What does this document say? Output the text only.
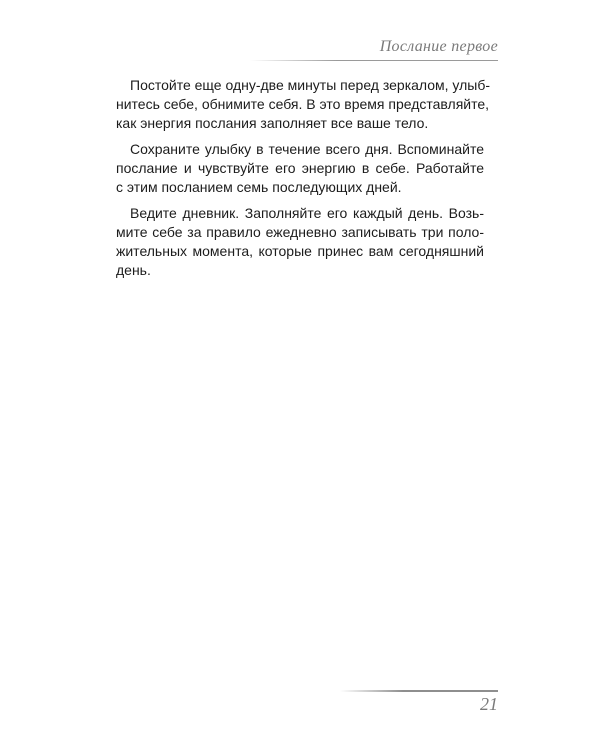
Послание первое
Постойте еще одну-две минуты перед зеркалом, улыб-
нитесь себе, обнимите себя. В это время представляйте,
как энергия послания заполняет все ваше тело.
Сохраните улыбку в течение всего дня. Вспоминайте
послание и чувствуйте его энергию в себе. Работайте
с этим посланием семь последующих дней.
Ведите дневник. Заполняйте его каждый день. Возь-
мите себе за правило ежедневно записывать три поло-
жительных момента, которые принес вам сегодняшний
день.
21
